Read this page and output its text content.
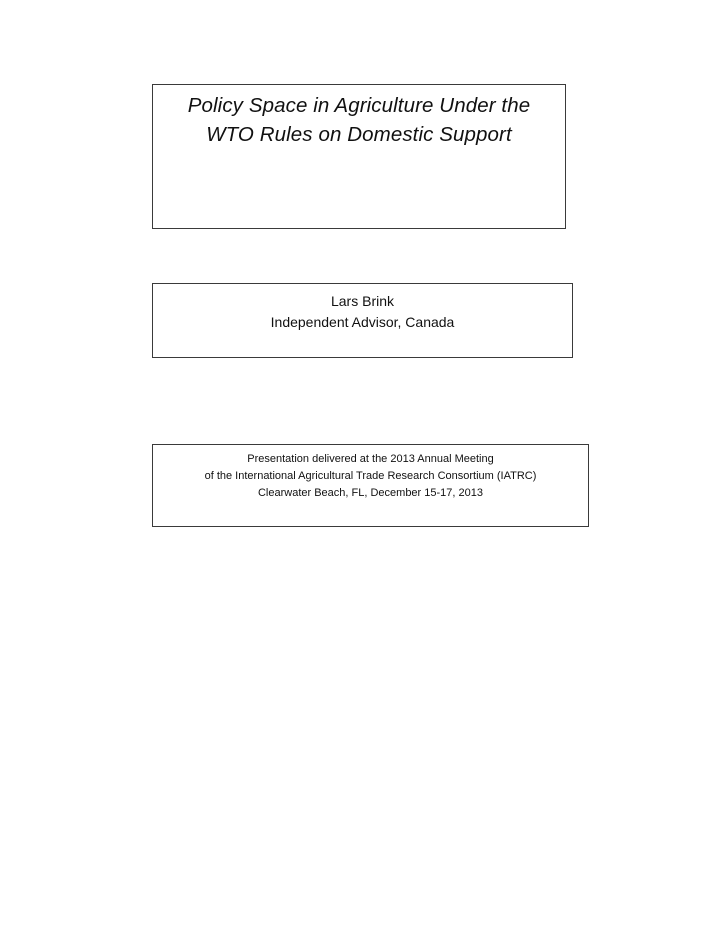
Policy Space in Agriculture Under the
WTO Rules on Domestic Support
Lars Brink
Independent Advisor, Canada
Presentation delivered at the 2013 Annual Meeting
of the International Agricultural Trade Research Consortium (IATRC)
Clearwater Beach, FL, December 15-17, 2013
